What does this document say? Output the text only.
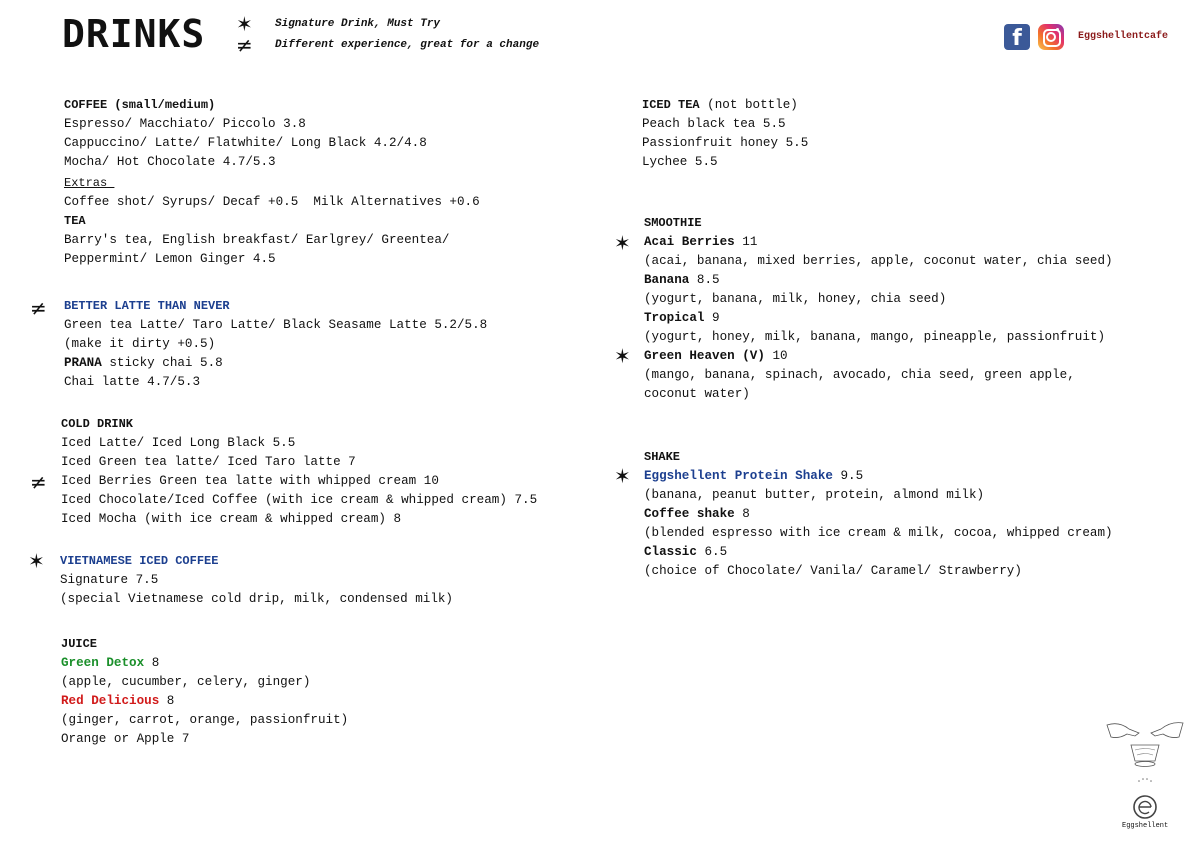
DRINKS ✶ Signature Drink, Must Try
≠ Different experience, great for a change	f	Eggshellentcafe
COFFEE (small/medium)
Espresso/ Macchiato/ Piccolo 3.8
Cappuccino/ Latte/ Flatwhite/ Long Black 4.2/4.8
Mocha/ Hot Chocolate 4.7/5.3
Extras
Coffee shot/ Syrups/ Decaf +0.5  Milk Alternatives +0.6
TEA
Barry's tea, English breakfast/ Earlgrey/ Greentea/
Peppermint/ Lemon Ginger 4.5
≠ BETTER LATTE THAN NEVER
Green tea Latte/ Taro Latte/ Black Seasame Latte 5.2/5.8
(make it dirty +0.5)
PRANA sticky chai 5.8
Chai latte 4.7/5.3
≠
COLD DRINK
Iced Latte/ Iced Long Black 5.5
Iced Green tea latte/ Iced Taro latte 7
Iced Berries Green tea latte with whipped cream 10
Iced Chocolate/Iced Coffee (with ice cream & whipped cream) 7.5
Iced Mocha (with ice cream & whipped cream) 8
✶ VIETNAMESE ICED COFFEE
Signature 7.5
(special Vietnamese cold drip, milk, condensed milk)
JUICE
Green Detox 8
(apple, cucumber, celery, ginger)
Red Delicious 8
(ginger, carrot, orange, passionfruit)
Orange or Apple 7
ICED TEA (not bottle)
Peach black tea 5.5
Passionfruit honey 5.5
Lychee 5.5
✶
✶
SMOOTHIE
Acai Berries 11
(acai, banana, mixed berries, apple, coconut water, chia seed)
Banana 8.5
(yogurt, banana, milk, honey, chia seed)
Tropical 9
(yogurt, honey, milk, banana, mango, pineapple, passionfruit)
Green Heaven (V) 10
(mango, banana, spinach, avocado, chia seed, green apple,
coconut water)
✶
SHAKE
Eggshellent Protein Shake 9.5
(banana, peanut butter, protein, almond milk)
Coffee shake 8
(blended espresso with ice cream & milk, cocoa, whipped cream)
Classic 6.5
(choice of Chocolate/ Vanila/ Caramel/ Strawberry)
Eggshellent
